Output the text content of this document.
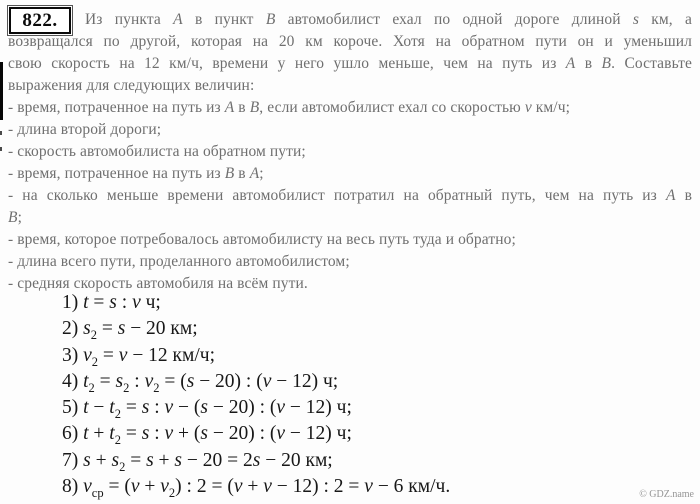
822. Из пункта A в пункт B автомобилист ехал по одной дороге длиной s км, а
возвращался по другой, которая на 20 км короче. Хотя на обратном пути он и уменьшил
свою скорость на 12 км/ч, времени у него ушло меньше, чем на путь из A в B. Составьте
выражения для следующих величин:
- время, потраченное на путь из A в B, если автомобилист ехал со скоростью v км/ч;
- длина второй дороги;
- скорость автомобилиста на обратном пути;
- время, потраченное на путь из B в A;
- на сколько меньше времени автомобилист потратил на обратный путь, чем на путь из A в
B;
- время, которое потребовалось автомобилисту на весь путь туда и обратно;
- длина всего пути, проделанного автомобилистом;
- средняя скорость автомобиля на всём пути.
1) t = s : v ч;
2) $s_2 = s - 20$ км;
3) $v_2 = v - 12$ км/ч;
4) $t_2 = s_2$ : $v_2 = (s - 20)$ : (v − 12) ч;
5) $t - t_2 = s$ : v − (s − 20) : (v − 12) ч;
6) $t + t_2 = s$ : v + (s − 20) : (v − 12) ч;
7) $s + s_2 = s + s - 20 = 2s - 20$ км;
8) $v_{ср} = (v + v_2)$ : 2 = (v + v − 12) : 2 = v − 6 км/ч.	© GDZ.name
